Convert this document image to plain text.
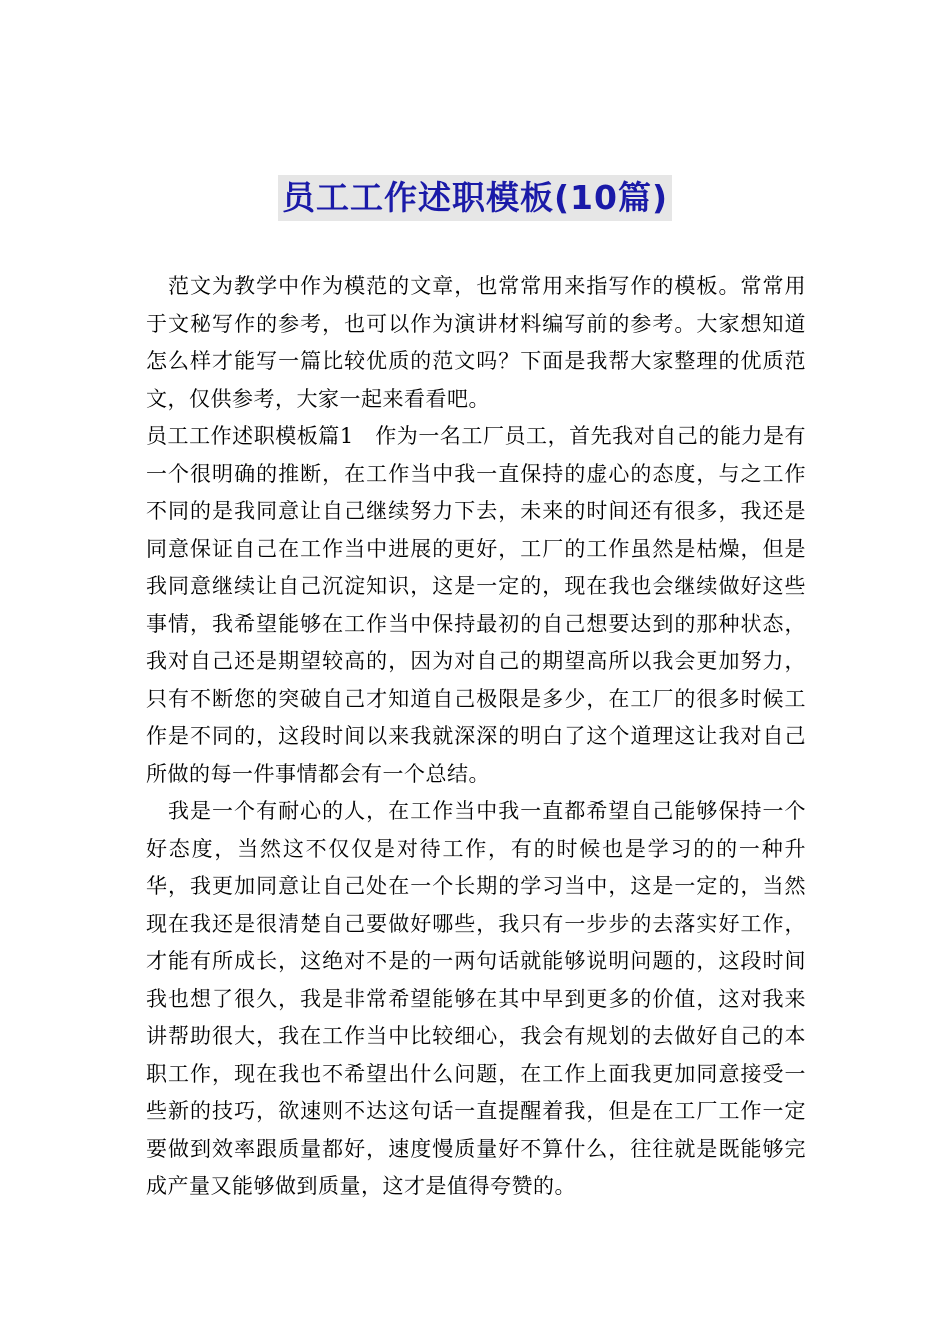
员工工作述职模板(10篇)

范文为教学中作为模范的文章，也常常用来指写作的模板。常常用于文秘写作的参考，也可以作为演讲材料编写前的参考。大家想知道怎么样才能写一篇比较优质的范文吗？下面是我帮大家整理的优质范文，仅供参考，大家一起来看看吧。

员工工作述职模板篇1  作为一名工厂员工，首先我对自己的能力是有一个很明确的推断，在工作当中我一直保持的虚心的态度，与之工作不同的是我同意让自己继续努力下去，未来的时间还有很多，我还是同意保证自己在工作当中进展的更好，工厂的工作虽然是枯燥，但是我同意继续让自己沉淀知识，这是一定的，现在我也会继续做好这些事情，我希望能够在工作当中保持最初的自己想要达到的那种状态，我对自己还是期望较高的，因为对自己的期望高所以我会更加努力，只有不断您的突破自己才知道自己极限是多少，在工厂的很多时候工作是不同的，这段时间以来我就深深的明白了这个道理这让我对自己所做的每一件事情都会有一个总结。

我是一个有耐心的人，在工作当中我一直都希望自己能够保持一个好态度，当然这不仅仅是对待工作，有的时候也是学习的的一种升华，我更加同意让自己处在一个长期的学习当中，这是一定的，当然现在我还是很清楚自己要做好哪些，我只有一步步的去落实好工作，才能有所成长，这绝对不是的一两句话就能够说明问题的，这段时间我也想了很久，我是非常希望能够在其中早到更多的价值，这对我来讲帮助很大，我在工作当中比较细心，我会有规划的去做好自己的本职工作，现在我也不希望出什么问题，在工作上面我更加同意接受一些新的技巧，欲速则不达这句话一直提醒着我，但是在工厂工作一定要做到效率跟质量都好，速度慢质量好不算什么，往往就是既能够完成产量又能够做到质量，这才是值得夸赞的。
